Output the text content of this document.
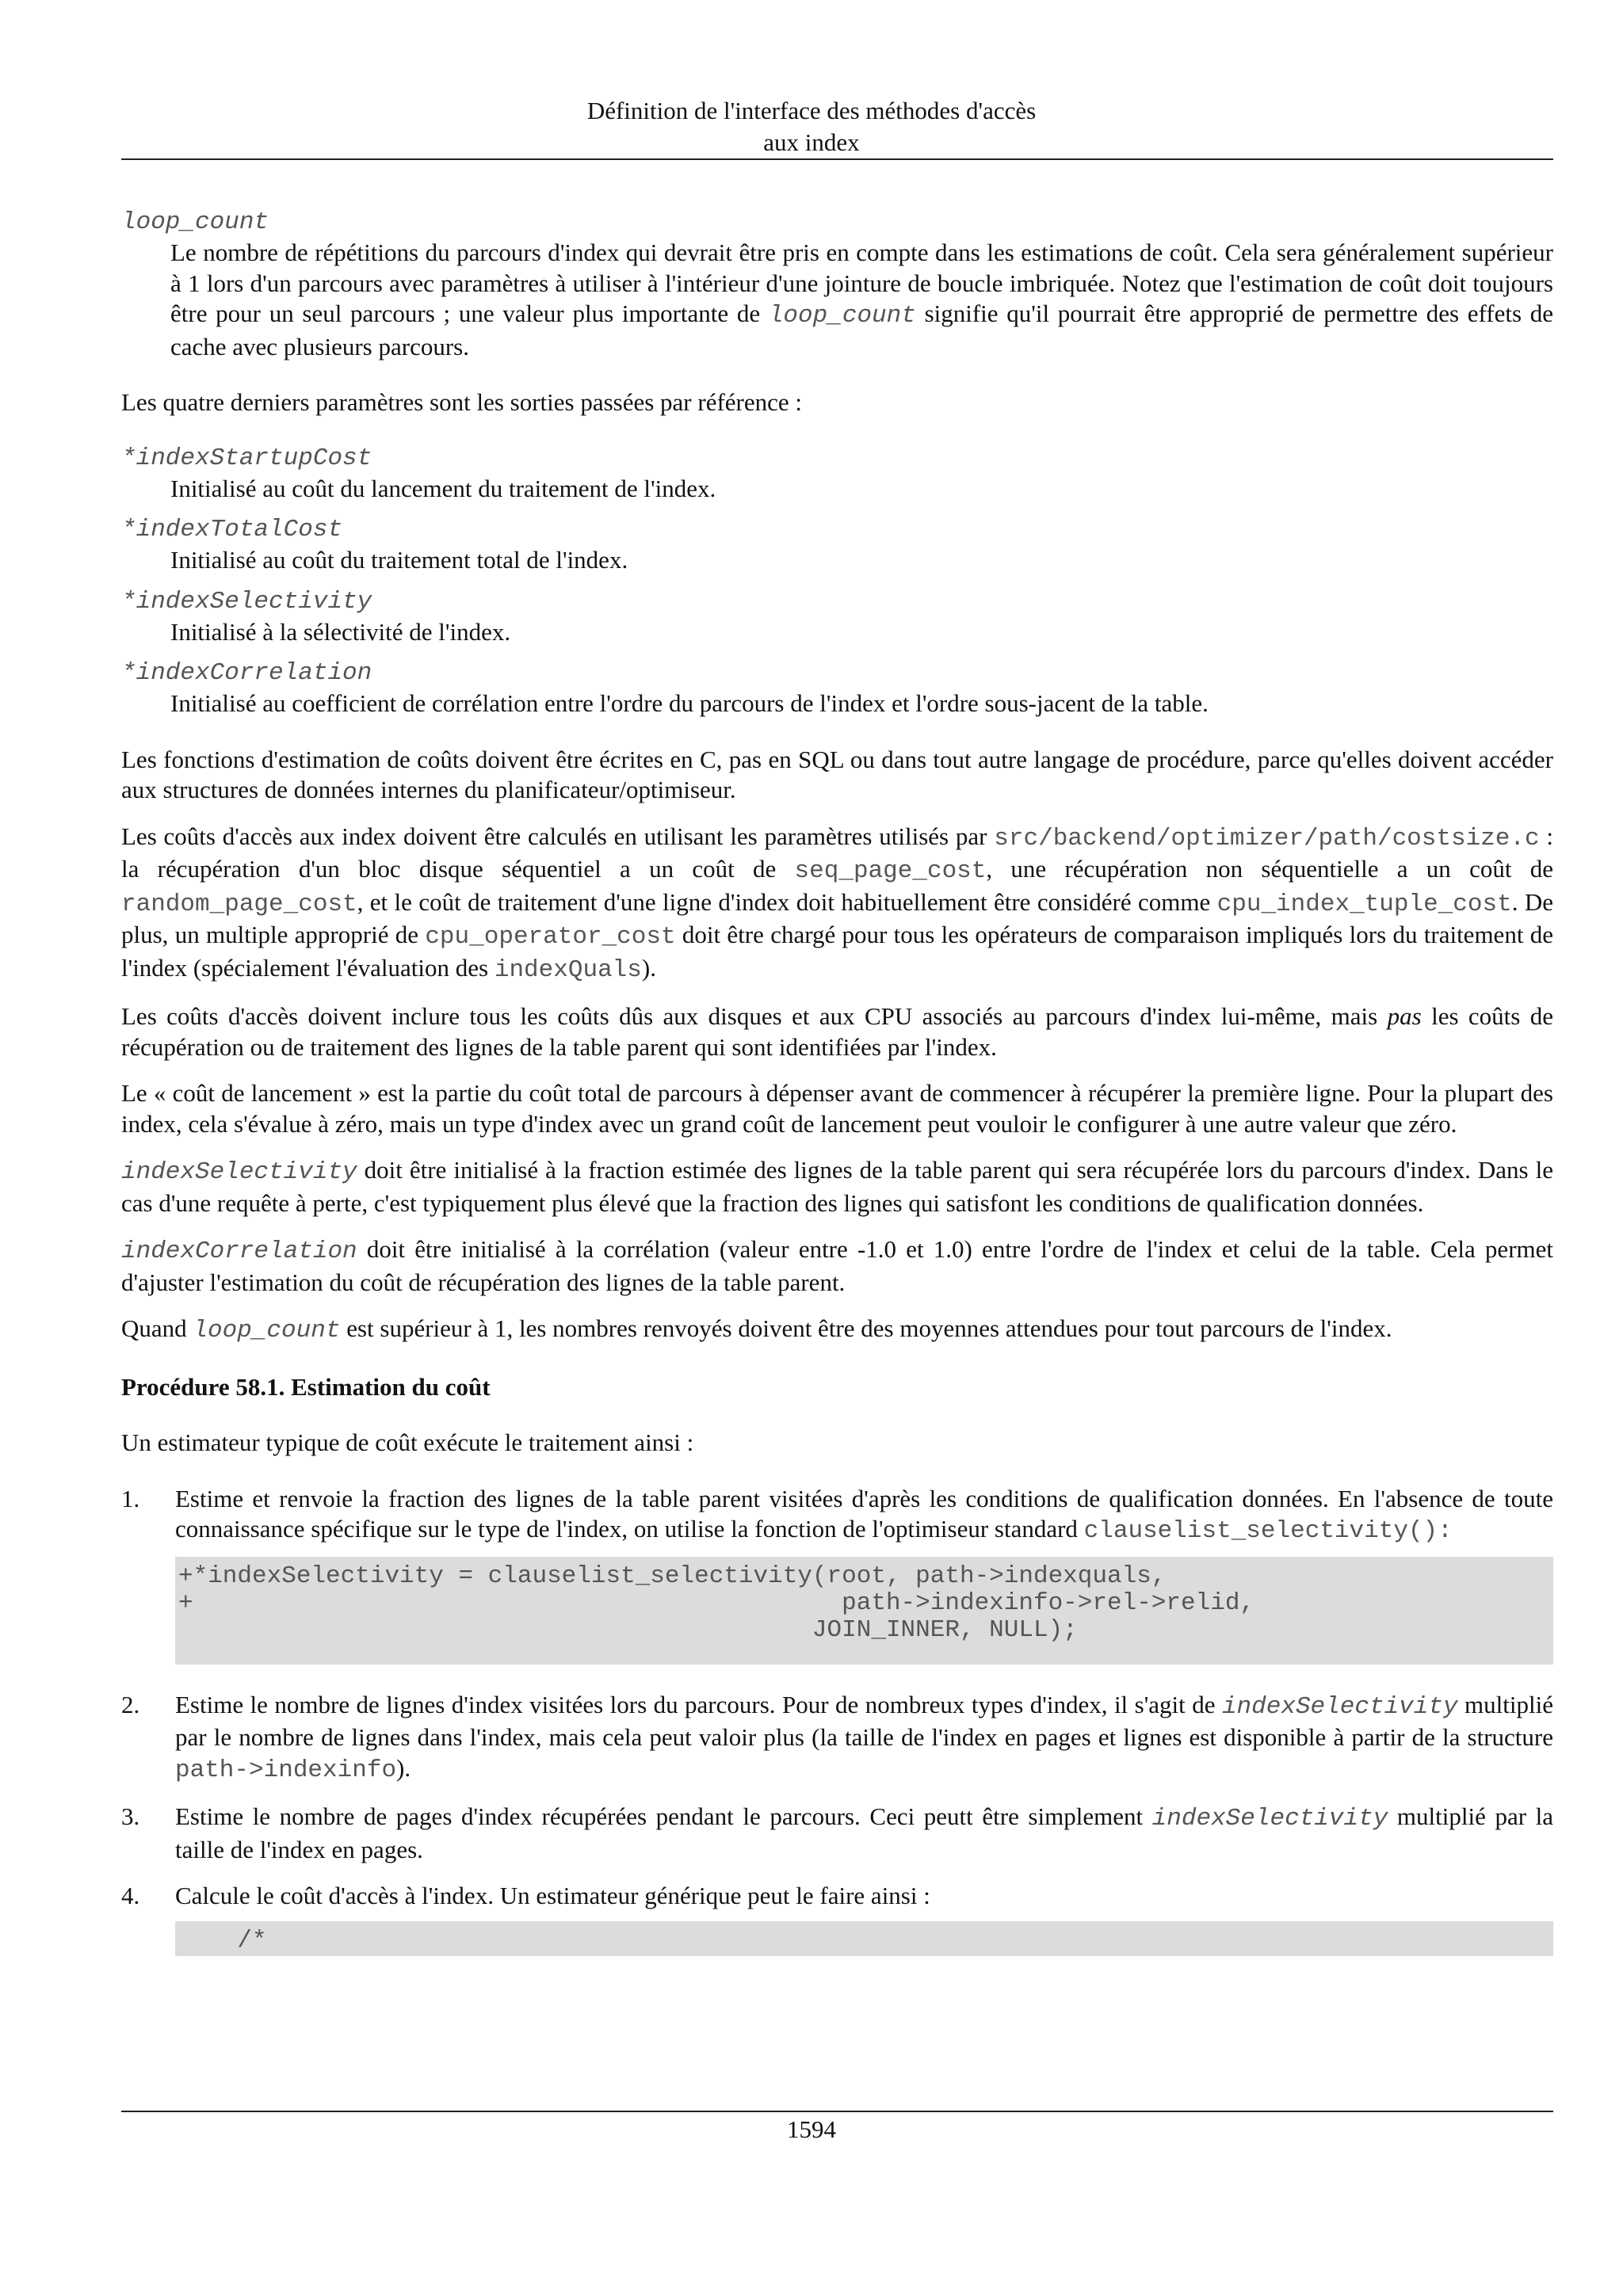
Définition de l'interface des méthodes d'accès
aux index
loop_count
Le nombre de répétitions du parcours d'index qui devrait être pris en compte dans les estimations de coût. Cela sera généralement supérieur à 1 lors d'un parcours avec paramètres à utiliser à l'intérieur d'une jointure de boucle imbriquée. Notez que l'estimation de coût doit toujours être pour un seul parcours ; une valeur plus importante de loop_count signifie qu'il pourrait être approprié de permettre des effets de cache avec plusieurs parcours.

Les quatre derniers paramètres sont les sorties passées par référence :

*indexStartupCost
Initialisé au coût du lancement du traitement de l'index.
*indexTotalCost
Initialisé au coût du traitement total de l'index.
*indexSelectivity
Initialisé à la sélectivité de l'index.
*indexCorrelation
Initialisé au coefficient de corrélation entre l'ordre du parcours de l'index et l'ordre sous-jacent de la table.

Les fonctions d'estimation de coûts doivent être écrites en C, pas en SQL ou dans tout autre langage de procédure, parce qu'elles doivent accéder aux structures de données internes du planificateur/optimiseur.

Les coûts d'accès aux index doivent être calculés en utilisant les paramètres utilisés par src/backend/optimizer/path/costsize.c : la récupération d'un bloc disque séquentiel a un coût de seq_page_cost, une récupération non séquentielle a un coût de random_page_cost, et le coût de traitement d'une ligne d'index doit habituellement être considéré comme cpu_index_tuple_cost. De plus, un multiple approprié de cpu_operator_cost doit être chargé pour tous les opérateurs de comparaison impliqués lors du traitement de l'index (spécialement l'évaluation des indexQuals).

Les coûts d'accès doivent inclure tous les coûts dûs aux disques et aux CPU associés au parcours d'index lui-même, mais pas les coûts de récupération ou de traitement des lignes de la table parent qui sont identifiées par l'index.

Le « coût de lancement » est la partie du coût total de parcours à dépenser avant de commencer à récupérer la première ligne. Pour la plupart des index, cela s'évalue à zéro, mais un type d'index avec un grand coût de lancement peut vouloir le configurer à une autre valeur que zéro.

indexSelectivity doit être initialisé à la fraction estimée des lignes de la table parent qui sera récupérée lors du parcours d'index. Dans le cas d'une requête à perte, c'est typiquement plus élevé que la fraction des lignes qui satisfont les conditions de qualification données.

indexCorrelation doit être initialisé à la corrélation (valeur entre -1.0 et 1.0) entre l'ordre de l'index et celui de la table. Cela permet d'ajuster l'estimation du coût de récupération des lignes de la table parent.

Quand loop_count est supérieur à 1, les nombres renvoyés doivent être des moyennes attendues pour tout parcours de l'index.

Procédure 58.1. Estimation du coût

Un estimateur typique de coût exécute le traitement ainsi :

1. Estime et renvoie la fraction des lignes de la table parent visitées d'après les conditions de qualification données. En l'absence de toute connaissance spécifique sur le type de l'index, on utilise la fonction de l'optimiseur standard clauselist_selectivity():
+*indexSelectivity = clauselist_selectivity(root, path->indexquals,
+                                            path->indexinfo->rel->relid,
JOIN_INNER, NULL);
2. Estime le nombre de lignes d'index visitées lors du parcours. Pour de nombreux types d'index, il s'agit de indexSelectivity multiplié par le nombre de lignes dans l'index, mais cela peut valoir plus (la taille de l'index en pages et lignes est disponible à partir de la structure path->indexinfo).
3. Estime le nombre de pages d'index récupérées pendant le parcours. Ceci peutt être simplement indexSelectivity multiplié par la taille de l'index en pages.
4. Calcule le coût d'accès à l'index. Un estimateur générique peut le faire ainsi :
/*
1594
